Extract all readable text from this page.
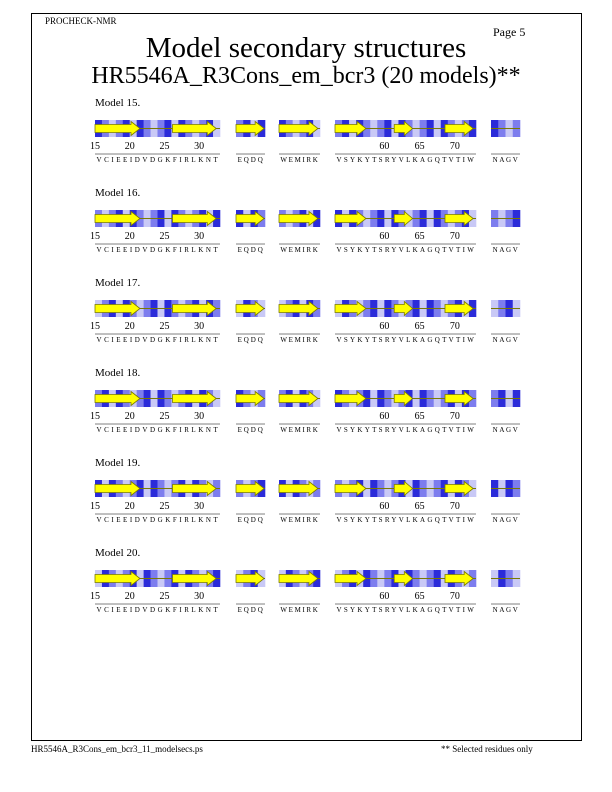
PROCHECK-NMR
Page 5
Model secondary structures
HR5546A_R3Cons_em_bcr3 (20 models)**
Model 15.
15 20 25 30
VCIEEIDVDGKFIRLKNT	EQDQ WEMIRK
60	65	70
VSYKYTSRYVLKAGQTVTIW	NAGV
Model 16.
15 20 25 30
VCIEEIDVDGKFIRLKNT	EQDQ WEMIRK
60	65	70
VSYKYTSRYVLKAGQTVTIW	NAGV
Model 17.
15 20 25 30
VCIEEIDVDGKFIRLKNT	EQDQ WEMIRK
60	65	70
VSYKYTSRYVLKAGQTVTIW	NAGV
Model 18.
15 20 25 30
VCIEEIDVDGKFIRLKNT	EQDQ WEMIRK
60	65	70
VSYKYTSRYVLKAGQTVTIW	NAGV
Model 19.
15 20 25 30
VCIEEIDVDGKFIRLKNT	EQDQ WEMIRK
60	65	70
VSYKYTSRYVLKAGQTVTIW	NAGV
Model 20.
15 20 25 30
VCIEEIDVDGKFIRLKNT	EQDQ WEMIRK
60	65	70
VSYKYTSRYVLKAGQTVTIW	NAGV
HR5546A_R3Cons_em_bcr3_11_modelsecs.ps	** Selected residues only
